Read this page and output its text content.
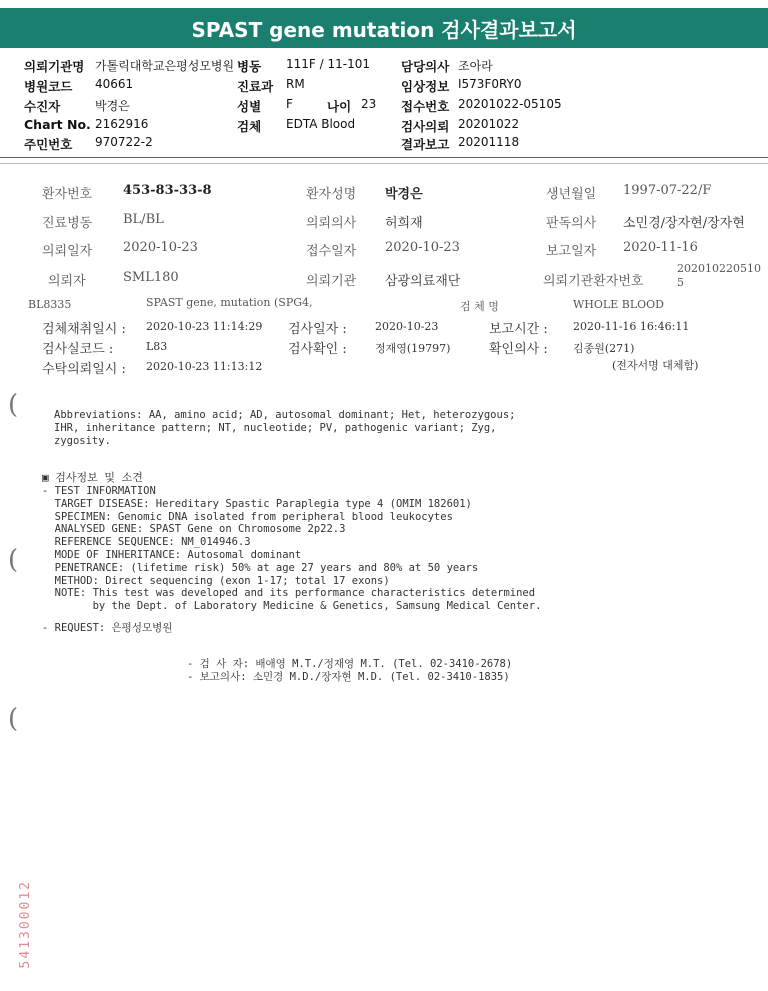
SPAST gene mutation 검사결과보고서
의뢰기관명 가톨릭대학교은평성모병원 병동 111F / 11-101 담당의사 조아라
병원코드 40661	진료과 RM	임상정보 I573F0RY0
수진자	박경은	성별 F	나이 23 접수번호 20201022-05105
Chart No. 2162916	검체 EDTA Blood	검사의뢰 20201022
주민번호 970722-2	결과보고 20201118
환자번호 453-83-33-8	환자성명 박경은	생년월일 1997-07-22/F
진료병동 BL/BL	의뢰의사 허희재	판독의사 소민경/장자현/장자현
의뢰일자 2020-10-23	접수일자 2020-10-23	보고일자 2020-11-16
의뢰자	SML180	의뢰기관 삼광의료재단	의뢰기관환자번호
202010220510
5
BL8335	SPAST gene, mutation (SPG4,	검 체 명	WHOLE BLOOD
검체채취일시 : 2020-10-23 11:14:29 검사일자 :	2020-10-23	보고시간 : 2020-11-16 16:46:11
검사실코드 :	L83	검사확인 :	정재영(19797)	확인의사 : 김종원(271)
수탁의뢰일시 : 2020-10-23 11:13:12	(전자서명 대체함)
(
(
(
Abbreviations: AA, amino acid; AD, autosomal dominant; Het, heterozygous;
IHR, inheritance pattern; NT, nucleotide; PV, pathogenic variant; Zyg,
zygosity.
▣ 검사정보 및 소견
- TEST INFORMATION
TARGET DISEASE: Hereditary Spastic Paraplegia type 4 (OMIM 182601)
SPECIMEN: Genomic DNA isolated from peripheral blood leukocytes
ANALYSED GENE: SPAST Gene on Chromosome 2p22.3
REFERENCE SEQUENCE: NM_014946.3
MODE OF INHERITANCE: Autosomal dominant
PENETRANCE: (lifetime risk) 50% at age 27 years and 80% at 50 years
METHOD: Direct sequencing (exon 1-17; total 17 exons)
NOTE: This test was developed and its performance characteristics determined
by the Dept. of Laboratory Medicine & Genetics, Samsung Medical Center.
- REQUEST: 은평성모병원
- 검 사 자: 배애영 M.T./정재영 M.T. (Tel. 02-3410-2678)
- 보고의사: 소민경 M.D./장자현 M.D. (Tel. 02-3410-1835)
541300012
